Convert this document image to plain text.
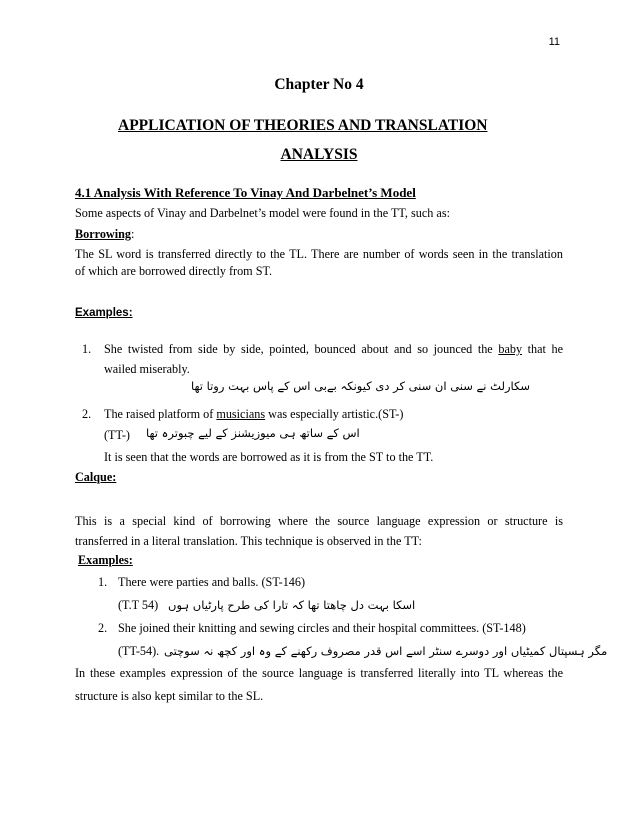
11
Chapter No 4
APPLICATION OF THEORIES AND TRANSLATION
ANALYSIS
4.1 Analysis With Reference To Vinay And Darbelnet’s Model
Some aspects of Vinay and Darbelnet’s model were found in the TT, such as:
Borrowing:
The SL word is transferred directly to the TL. There are number of words seen in the translation
of which are borrowed directly from ST.
Examples:
1.	She twisted from side by side, pointed, bounced about and so jounced the baby that he
wailed miserably.
سکارلٹ نے سنی ان سنی کر دی کیونکہ بےبی اس کے پاس بہت روتا تھا
2.	The raised platform of musicians was especially artistic.(ST-)
(TT-) اس کے ساتھ ہی میوزیشنز کے لیے چبوترہ تھا
It is seen that the words are borrowed as it is from the ST to the TT.
Calque:
This is a special kind of borrowing where the source language expression or structure is
transferred in a literal translation. This technique is observed in the TT:
Examples:
1. There were parties and balls. (ST-146)
(T.T 54) اسکا بہت دل چاھتا تھا کہ تارا کی طرح پارٹیاں ہوں
2. She joined their knitting and sewing circles and their hospital committees. (ST-148)
(TT-54). مگر ہسپتال کمیٹیاں اور دوسرے سنٹر اسے اس قدر مصروف رکھنے کے وہ اور کچھ نہ سوچتی
In these examples expression of the source language is transferred literally into TL whereas the
structure is also kept similar to the SL.
